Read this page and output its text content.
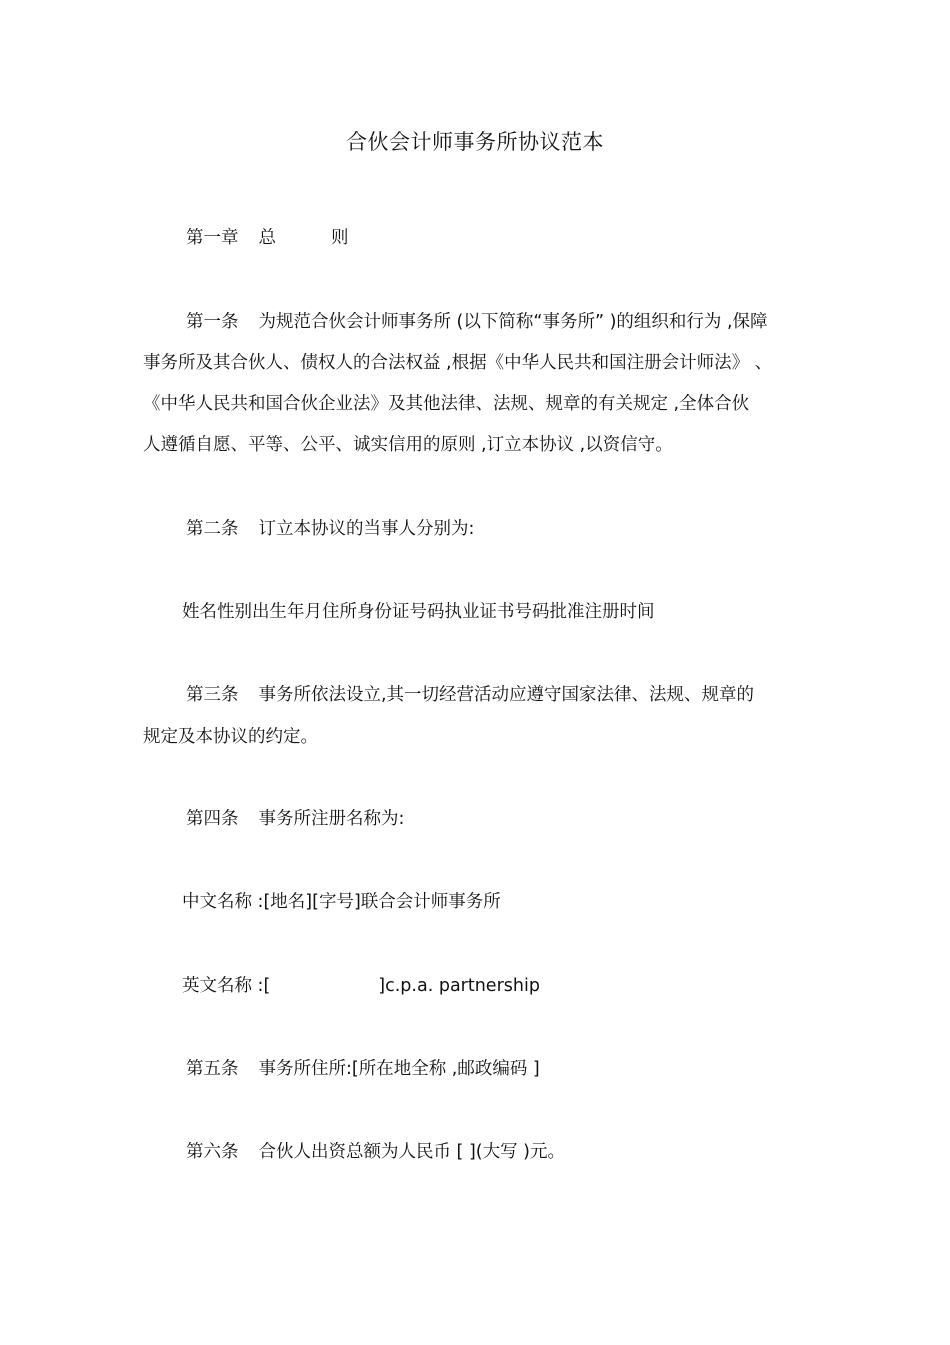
合伙会计师事务所协议范本
第一章 总	则
第一条 为规范合伙会计师事务所 (以下简称“事务所” )的组织和行为 ,保障
事务所及其合伙人、债权人的合法权益 ,根据《中华人民共和国注册会计师法》 、
《中华人民共和国合伙企业法》及其他法律、法规、规章的有关规定 ,全体合伙
人遵循自愿、平等、公平、诚实信用的原则 ,订立本协议 ,以资信守。
第二条 订立本协议的当事人分别为:
姓名性别出生年月住所身份证号码执业证书号码批准注册时间
第三条 事务所依法设立,其一切经营活动应遵守国家法律、法规、规章的
规定及本协议的约定。
第四条 事务所注册名称为:
中文名称 :[地名][字号]联合会计师事务所
英文名称 :[	]c.p.a. partnership
第五条 事务所住所:[所在地全称 ,邮政编码 ]
第六条 合伙人出资总额为人民币 [ ](大写 )元。
